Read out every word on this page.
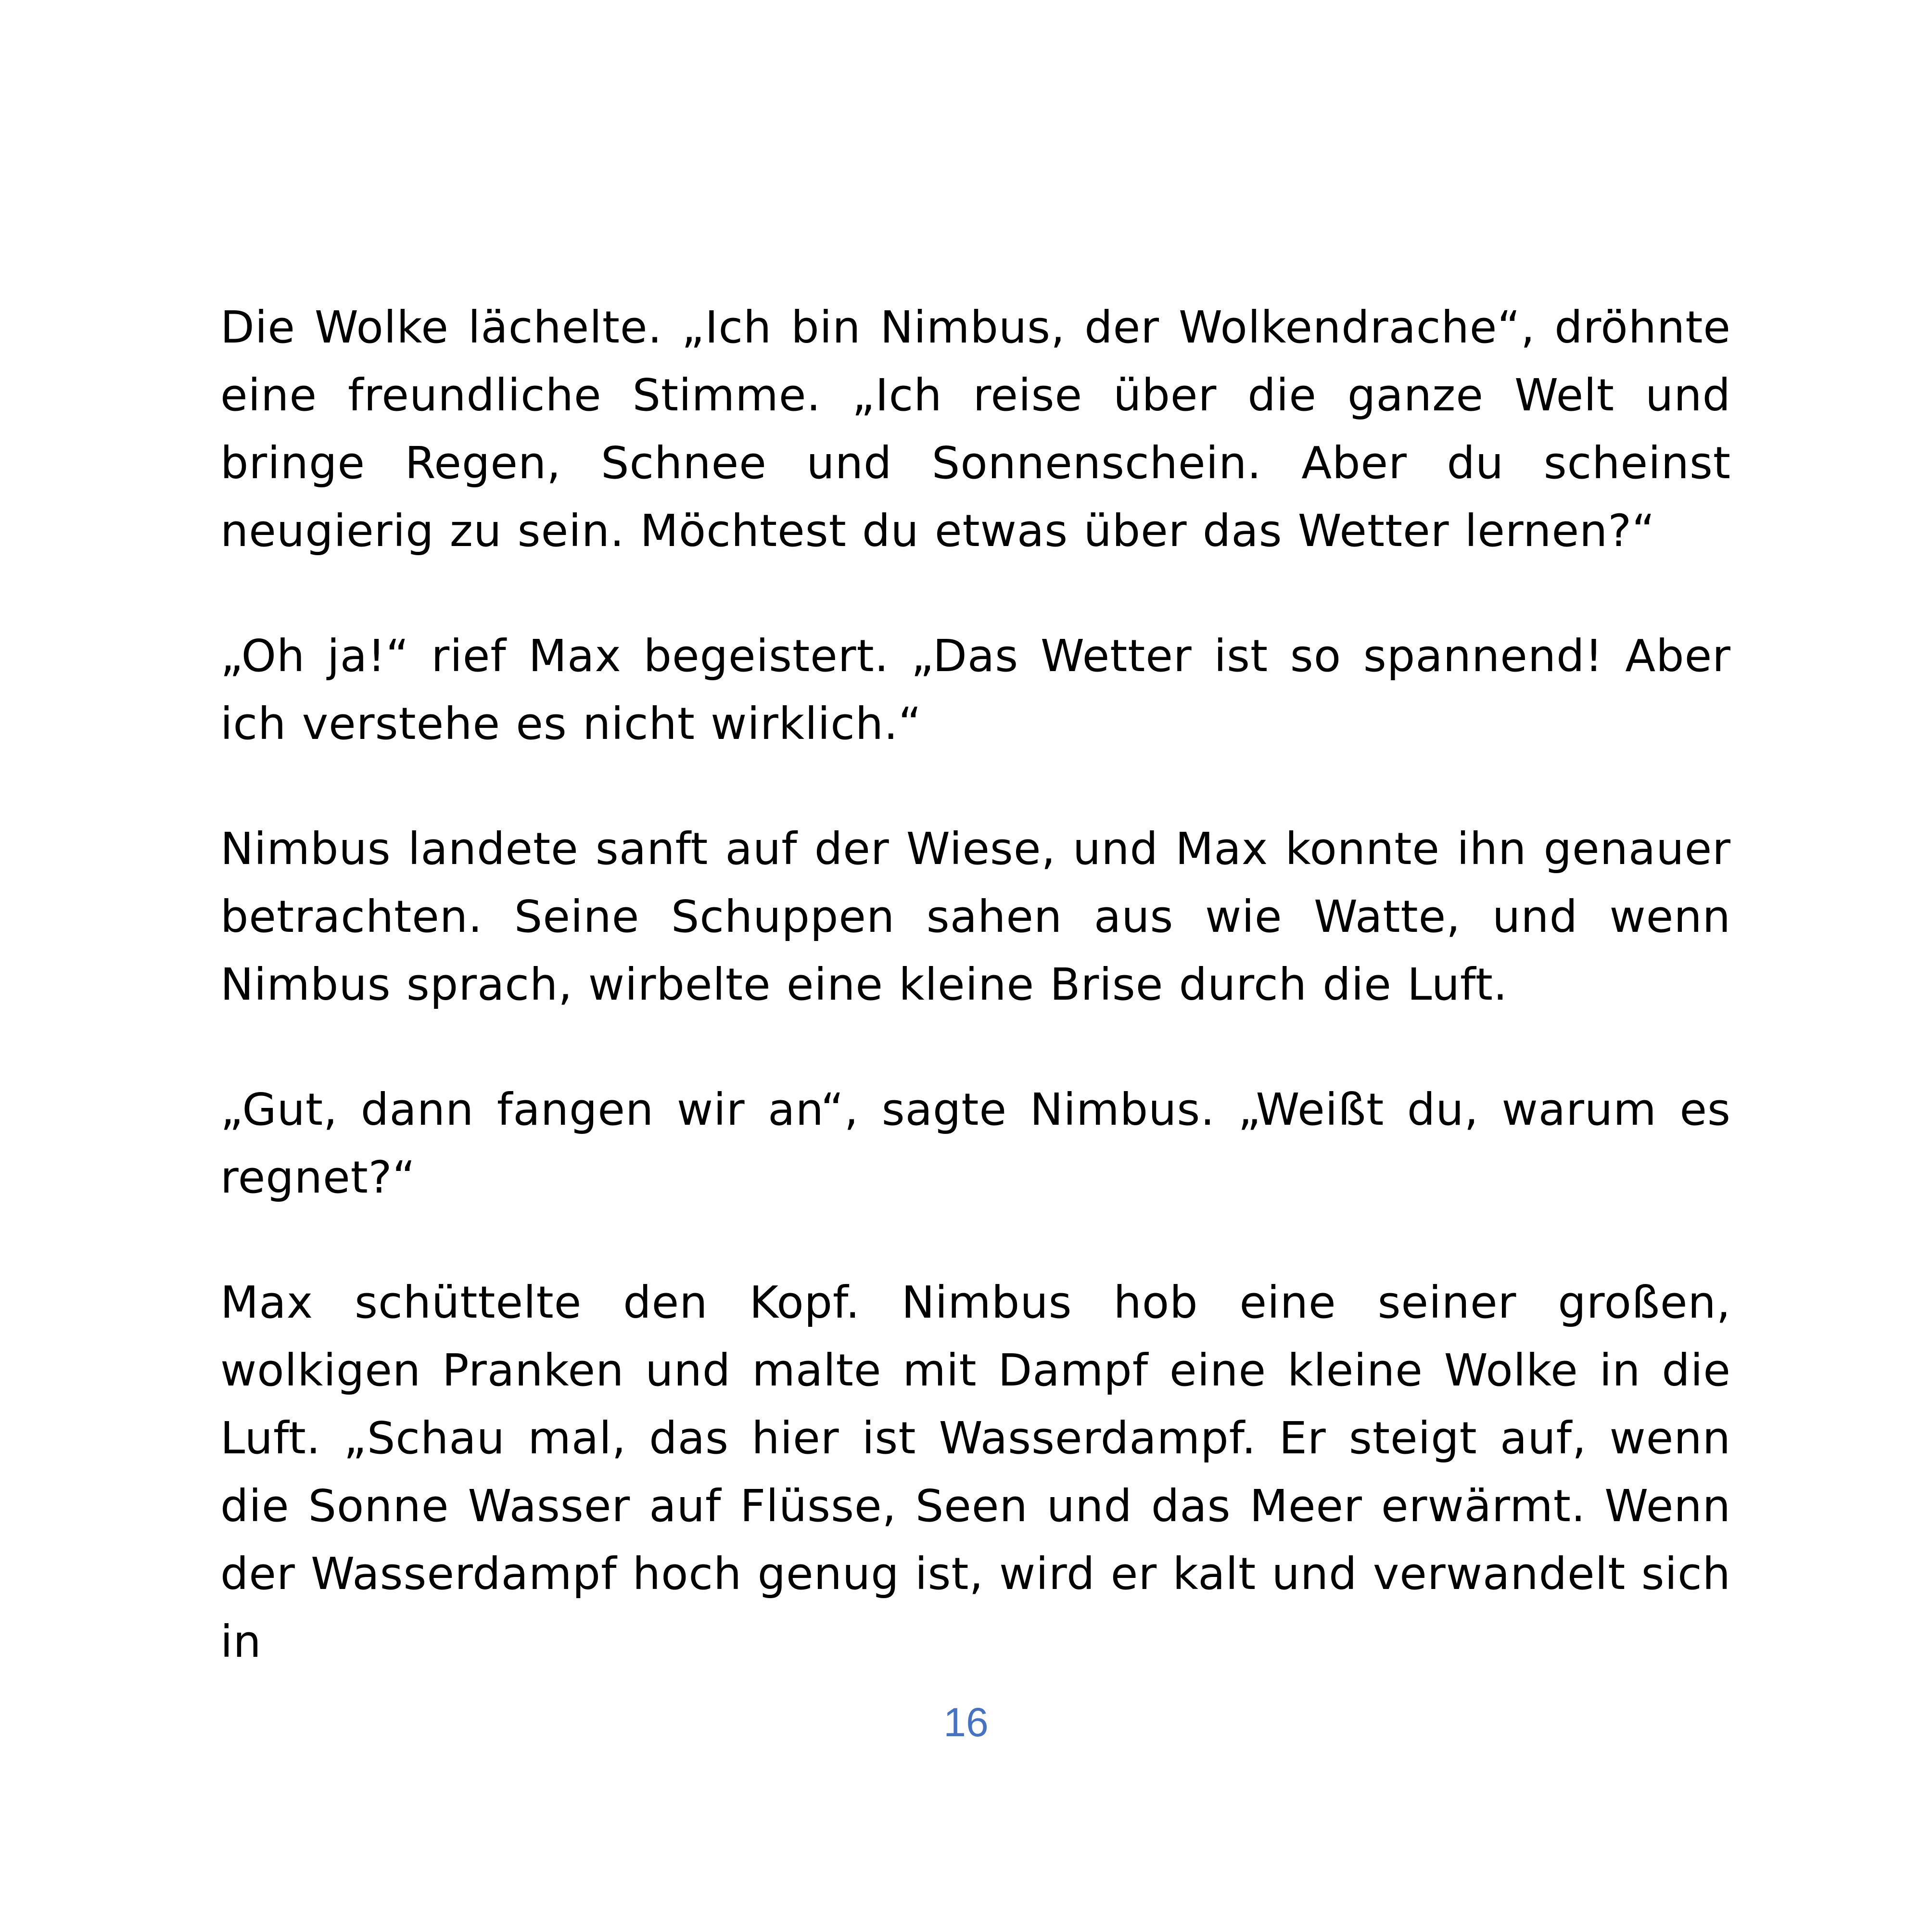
Die Wolke lächelte. „Ich bin Nimbus, der Wolkendrache“, dröhnte eine freundliche Stimme. „Ich reise über die ganze Welt und bringe Regen, Schnee und Sonnenschein. Aber du scheinst neugierig zu sein. Möchtest du etwas über das Wetter lernen?“

„Oh ja!“ rief Max begeistert. „Das Wetter ist so spannend! Aber ich verstehe es nicht wirklich.“

Nimbus landete sanft auf der Wiese, und Max konnte ihn genauer betrachten. Seine Schuppen sahen aus wie Watte, und wenn Nimbus sprach, wirbelte eine kleine Brise durch die Luft.

„Gut, dann fangen wir an“, sagte Nimbus. „Weißt du, warum es regnet?“

Max schüttelte den Kopf. Nimbus hob eine seiner großen, wolkigen Pranken und malte mit Dampf eine kleine Wolke in die Luft. „Schau mal, das hier ist Wasserdampf. Er steigt auf, wenn die Sonne Wasser auf Flüsse, Seen und das Meer erwärmt. Wenn der Wasserdampf hoch genug ist, wird er kalt und verwandelt sich in

16
